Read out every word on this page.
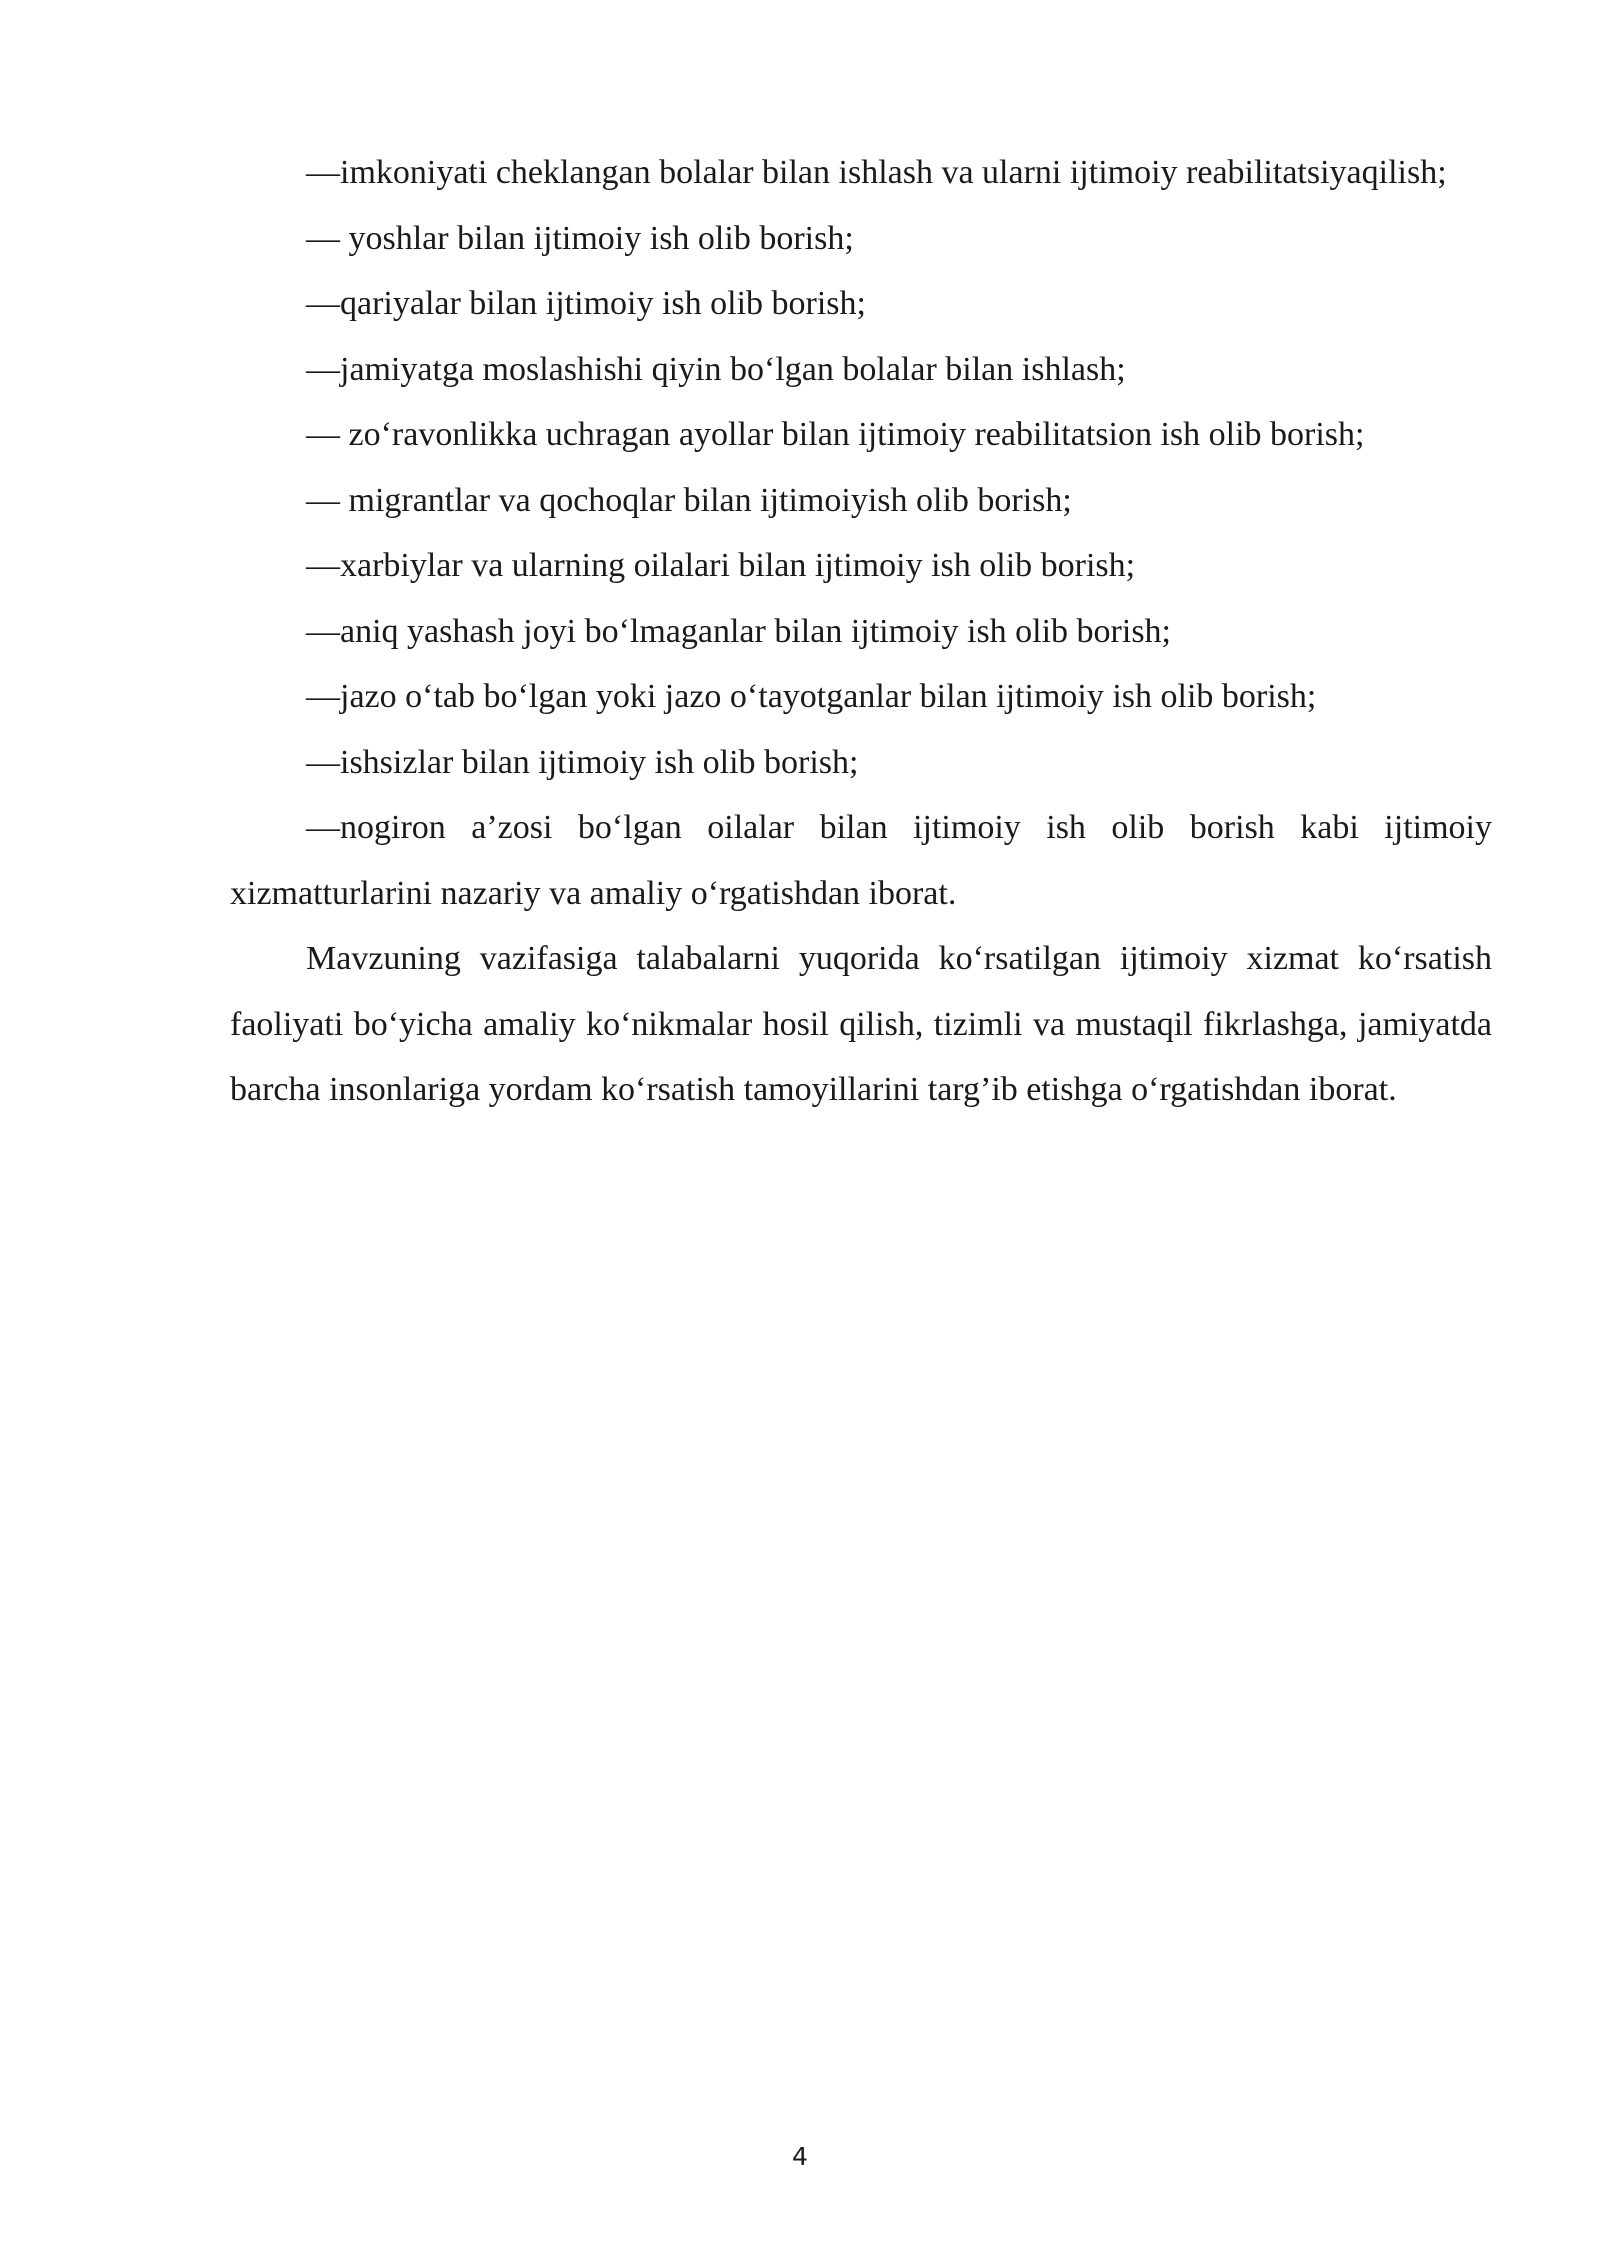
—imkoniyati cheklangan bolalar bilan ishlash va ularni ijtimoiy reabilitatsiyaqilish;

— yoshlar bilan ijtimoiy ish olib borish;

—qariyalar bilan ijtimoiy ish olib borish;

—jamiyatga moslashishi qiyin boʻlgan bolalar bilan ishlash;

— zoʻravonlikka uchragan ayollar bilan ijtimoiy reabilitatsion ish olib borish;

— migrantlar va qochoqlar bilan ijtimoiyish olib borish;

—xarbiylar va ularning oilalari bilan ijtimoiy ish olib borish;

—aniq yashash joyi boʻlmaganlar bilan ijtimoiy ish olib borish;

—jazo oʻtab boʻlgan yoki jazo oʻtayotganlar bilan ijtimoiy ish olib borish;

—ishsizlar bilan ijtimoiy ish olib borish;

—nogiron a’zosi boʻlgan oilalar bilan ijtimoiy ish olib borish kabi ijtimoiy xizmatturlarini nazariy va amaliy oʻrgatishdan iborat.

Mavzuning vazifasiga talabalarni yuqorida koʻrsatilgan ijtimoiy xizmat koʻrsatish faoliyati boʻyicha amaliy koʻnikmalar hosil qilish, tizimli va mustaqil fikrlashga, jamiyatda barcha insonlariga yordam koʻrsatish tamoyillarini targ’ib etishga oʻrgatishdan iborat.

4
